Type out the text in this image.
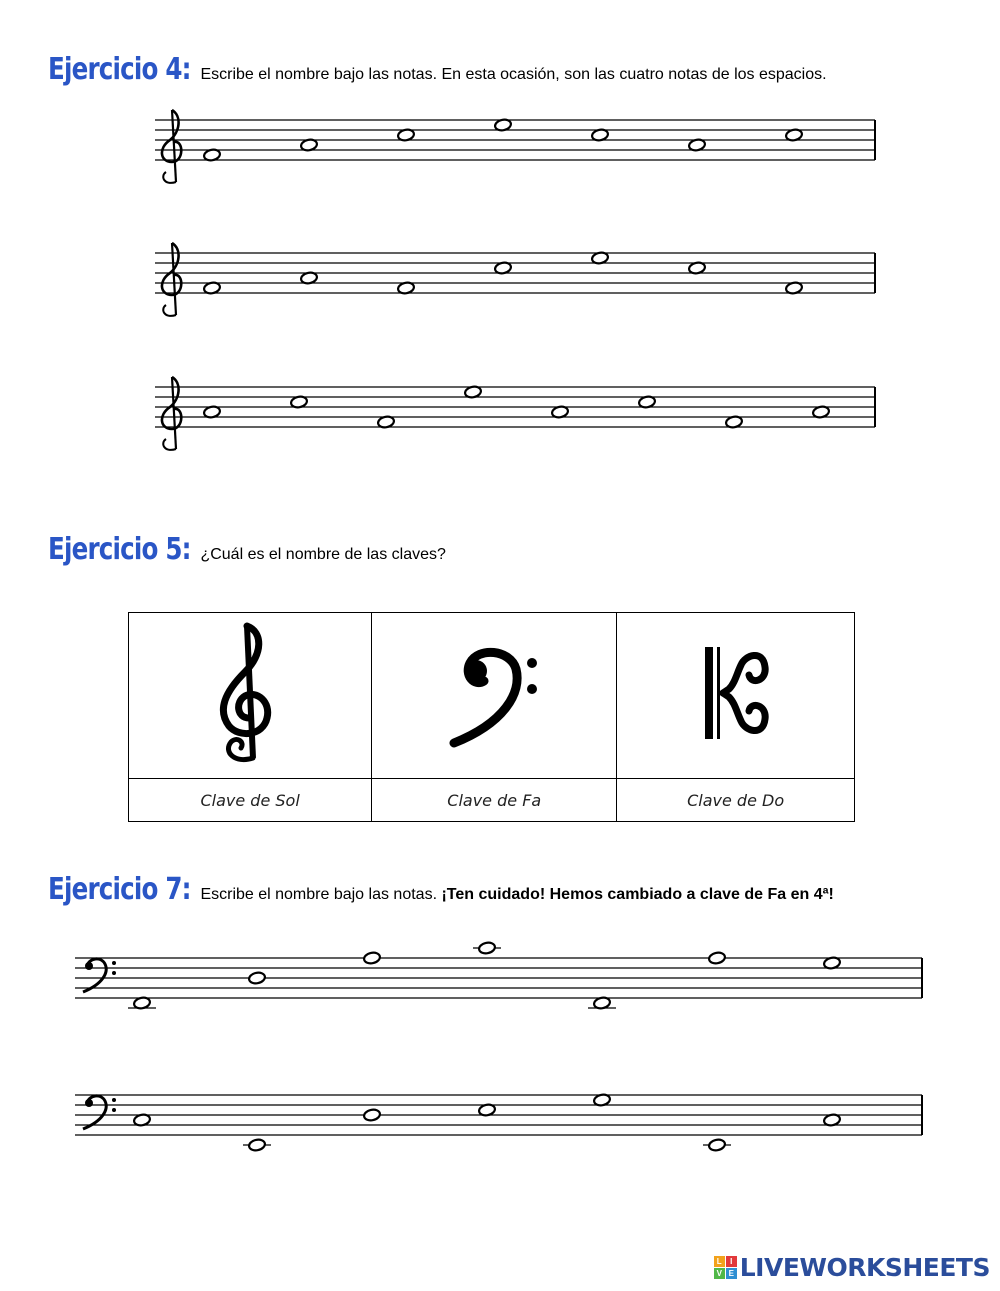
Ejercicio 4: Escribe el nombre bajo las notas. En esta ocasión, son las cuatro notas de los espacios.
Ejercicio 5: ¿Cuál es el nombre de las claves?

Clave de Sol	Clave de Fa	Clave de Do
Ejercicio 7: Escribe el nombre bajo las notas. ¡Ten cuidado! Hemos cambiado a clave de Fa en 4ª!
L	I
V E LIVEWORKSHEETS
